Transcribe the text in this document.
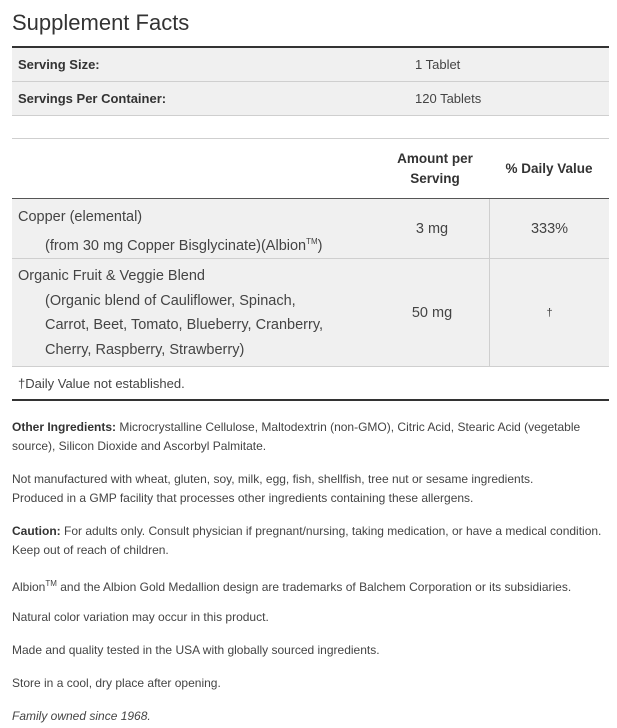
Supplement Facts
Serving Size:	1 Tablet
Servings Per Container:	120 Tablets
Amount per
Serving
% Daily Value
Copper (elemental)
(from 30 mg Copper Bisglycinate)(Albion™)
3 mg	333%
Organic Fruit & Veggie Blend
(Organic blend of Cauliflower, Spinach,
Carrot, Beet, Tomato, Blueberry, Cranberry,
Cherry, Raspberry, Strawberry)
50 mg	†
†Daily Value not established.
Other Ingredients: Microcrystalline Cellulose, Maltodextrin (non-GMO), Citric Acid, Stearic Acid (vegetable source), Silicon Dioxide and Ascorbyl Palmitate.
Not manufactured with wheat, gluten, soy, milk, egg, fish, shellfish, tree nut or sesame ingredients.
Produced in a GMP facility that processes other ingredients containing these allergens.
Caution: For adults only. Consult physician if pregnant/nursing, taking medication, or have a medical condition. Keep out of reach of children.
Albion™ and the Albion Gold Medallion design are trademarks of Balchem Corporation or its subsidiaries.
Natural color variation may occur in this product.
Made and quality tested in the USA with globally sourced ingredients.
Store in a cool, dry place after opening.
Family owned since 1968.
